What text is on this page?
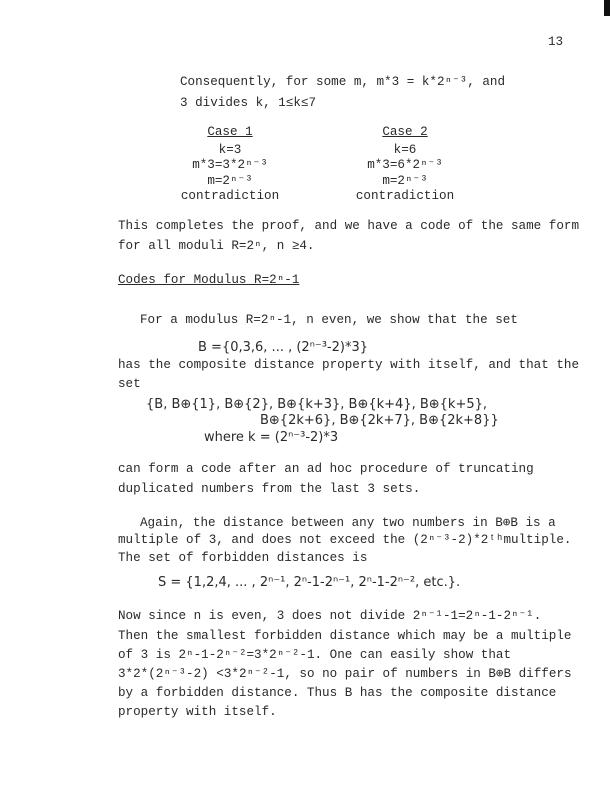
13
Consequently, for some m, m*3 = k*2ⁿ⁻³, and
3 divides k, 1≤k≤7
Case 1
k=3
m*3=3*2ⁿ⁻³
m=2ⁿ⁻³
contradiction
Case 2
k=6
m*3=6*2ⁿ⁻³
m=2ⁿ⁻³
contradiction
This completes the proof, and we have a code of the same form
for all moduli R=2ⁿ, n ≥4.
Codes for Modulus R=2ⁿ-1
For a modulus R=2ⁿ-1, n even, we show that the set
B ={0,3,6, ... , (2ⁿ⁻³-2)*3}
has the composite distance property with itself, and that the
set
{B, B⊕{1}, B⊕{2}, B⊕{k+3}, B⊕{k+4}, B⊕{k+5},
B⊕{2k+6}, B⊕{2k+7}, B⊕{2k+8}}
where k = (2ⁿ⁻³-2)*3
can form a code after an ad hoc procedure of truncating
duplicated numbers from the last 3 sets.
Again, the distance between any two numbers in B⊕B is a
multiple of 3, and does not exceed the (2ⁿ⁻³-2)*2ᵗʰmultiple.
The set of forbidden distances is
S = {1,2,4, ... , 2ⁿ⁻¹, 2ⁿ-1-2ⁿ⁻¹, 2ⁿ-1-2ⁿ⁻², etc.}.
Now since n is even, 3 does not divide 2ⁿ⁻¹-1=2ⁿ-1-2ⁿ⁻¹.
Then the smallest forbidden distance which may be a multiple
of 3 is 2ⁿ-1-2ⁿ⁻²=3*2ⁿ⁻²-1. One can easily show that
3*2*(2ⁿ⁻³-2) <3*2ⁿ⁻²-1, so no pair of numbers in B⊕B differs
by a forbidden distance. Thus B has the composite distance
property with itself.
